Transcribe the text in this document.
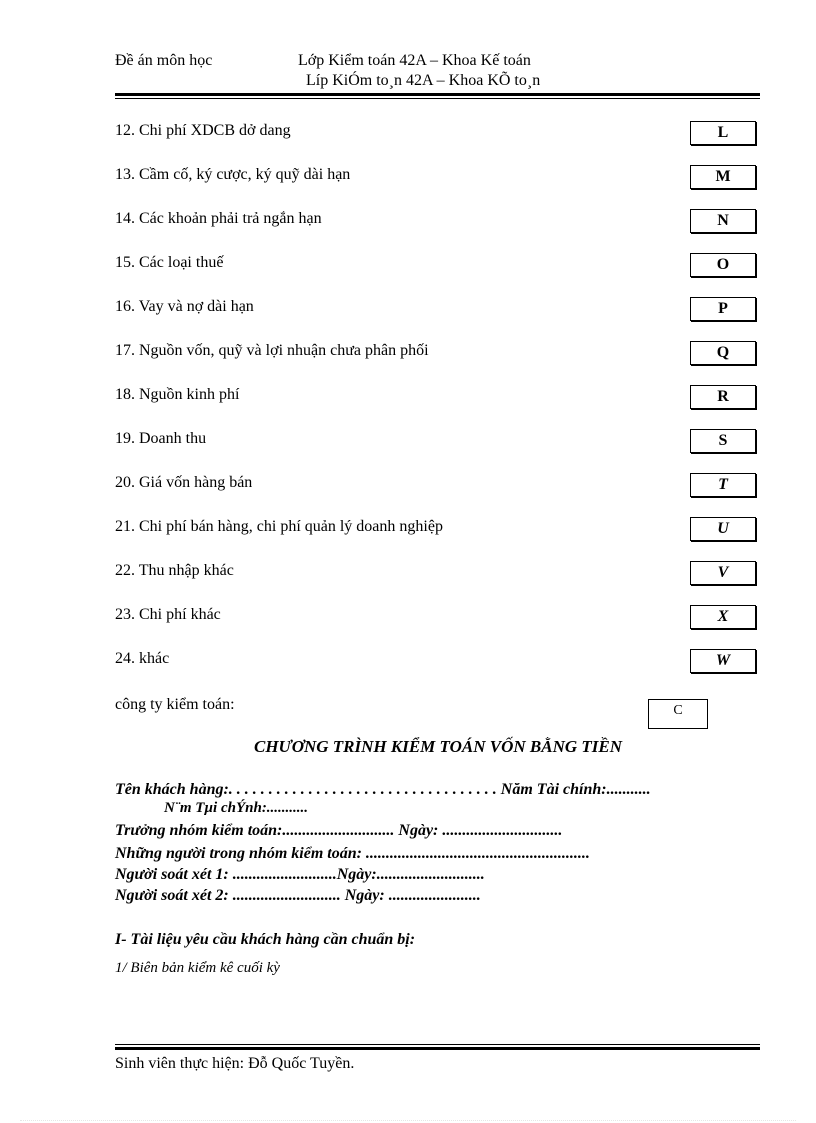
Đề án môn học	Lớp Kiểm toán 42A – Khoa Kế toán
Líp KiÓm to¸n 42A – Khoa KÕ to¸n
12. Chi phí XDCB dở dang	L
13. Cầm cố, ký cược, ký quỹ dài hạn	M
14. Các khoản phải trả ngắn hạn	N
15. Các loại thuế	O
16. Vay và nợ dài hạn	P
17. Nguồn vốn, quỹ và lợi nhuận chưa phân phối	Q
18. Nguồn kinh phí	R
19. Doanh thu	S
20. Giá vốn hàng bán	T
21. Chi phí bán hàng, chi phí quản lý doanh nghiệp	U
22. Thu nhập khác	V
23. Chi phí khác	X
24. khác	W
công ty kiểm toán:	C
CHƯƠNG TRÌNH KIỂM TOÁN VỐN BẰNG TIỀN
Tên khách hàng:. . . . . . . . . . . . . . . . . . . . . . . . . . . . . . . . . . Năm Tài chính:...........
N¨m Tµi chÝnh:...........
Trưởng nhóm kiểm toán:............................ Ngày: ..............................
Những người trong nhóm kiểm toán: ........................................................
Người soát xét 1: ..........................Ngày:...........................
Người soát xét 2: ........................... Ngày: .......................
I- Tài liệu yêu cầu khách hàng cần chuẩn bị:
1/ Biên bản kiểm kê cuối kỳ
Sinh viên thực hiện: Đỗ Quốc Tuyền.
